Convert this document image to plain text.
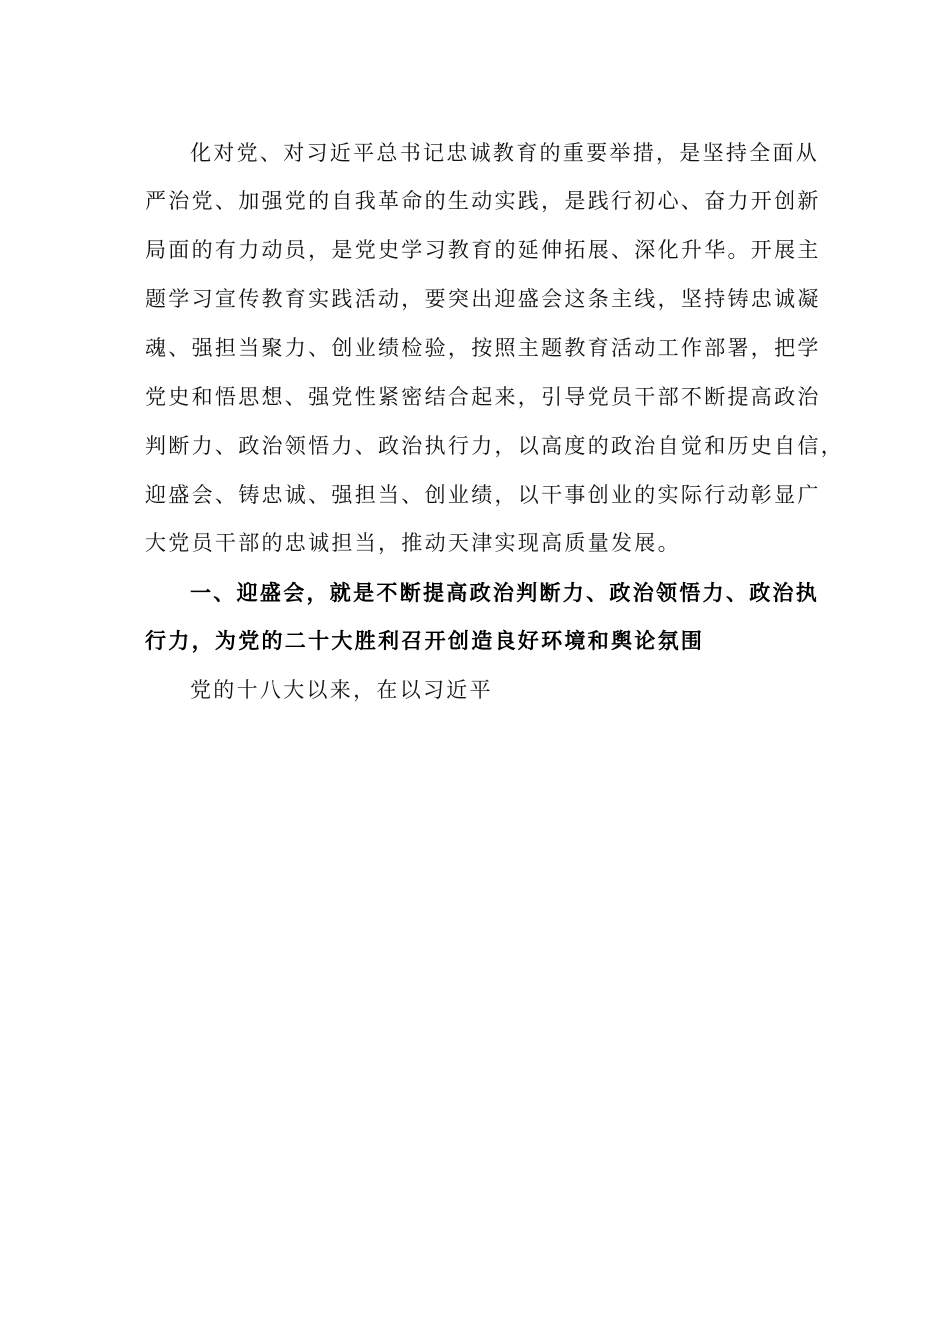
化对党、对习近平总书记忠诚教育的重要举措，是坚持全面从
严治党、加强党的自我革命的生动实践，是践行初心、奋力开创新
局面的有力动员，是党史学习教育的延伸拓展、深化升华。开展主
题学习宣传教育实践活动，要突出迎盛会这条主线，坚持铸忠诚凝
魂、强担当聚力、创业绩检验，按照主题教育活动工作部署，把学
党史和悟思想、强党性紧密结合起来，引导党员干部不断提高政治
判断力、政治领悟力、政治执行力，以高度的政治自觉和历史自信，
迎盛会、铸忠诚、强担当、创业绩，以干事创业的实际行动彰显广
大党员干部的忠诚担当，推动天津实现高质量发展。
一、迎盛会，就是不断提高政治判断力、政治领悟力、政治执
行力，为党的二十大胜利召开创造良好环境和舆论氛围
党的十八大以来，在以习近平
